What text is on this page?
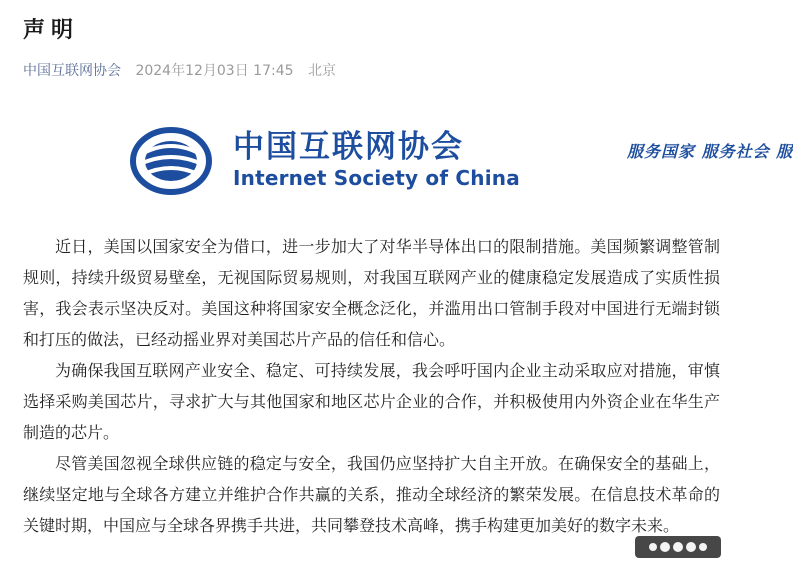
声明
中国互联网协会 2024年12月03日 17:45 北京
中国互联网协会
Internet Society of China
服务国家 服务社会 服

近日，美国以国家安全为借口，进一步加大了对华半导体出口的限制措施。美国频繁调整管制规则，持续升级贸易壁垒，无视国际贸易规则，对我国互联网产业的健康稳定发展造成了实质性损害，我会表示坚决反对。美国这种将国家安全概念泛化，并滥用出口管制手段对中国进行无端封锁和打压的做法，已经动摇业界对美国芯片产品的信任和信心。

为确保我国互联网产业安全、稳定、可持续发展，我会呼吁国内企业主动采取应对措施，审慎选择采购美国芯片，寻求扩大与其他国家和地区芯片企业的合作，并积极使用内外资企业在华生产制造的芯片。

尽管美国忽视全球供应链的稳定与安全，我国仍应坚持扩大自主开放。在确保安全的基础上，继续坚定地与全球各方建立并维护合作共赢的关系，推动全球经济的繁荣发展。在信息技术革命的关键时期，中国应与全球各界携手共进，共同攀登技术高峰，携手构建更加美好的数字未来。
